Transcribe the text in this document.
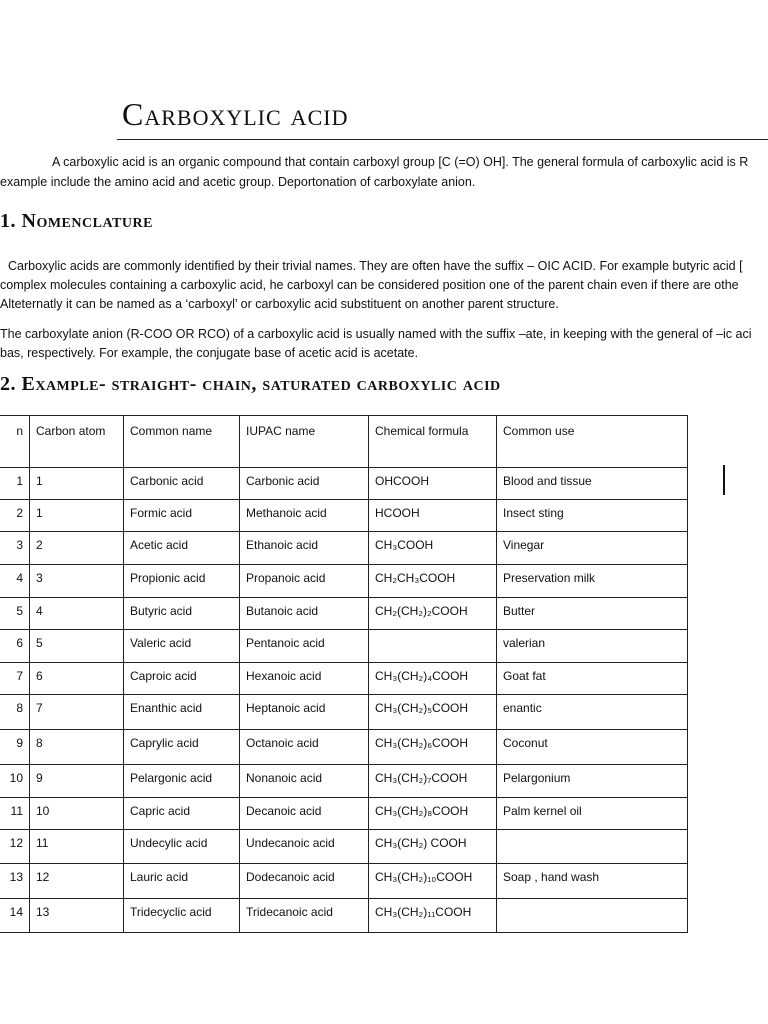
Carboxylic acid
A carboxylic acid is an organic compound that contain carboxyl group [C (=O) OH]. The general formula of carboxylic acid is R
example include the amino acid and acetic group. Deportonation of carboxylate anion.
1. Nomenclature
Carboxylic acids are commonly identified by their trivial names. They are often have the suffix – OIC ACID. For example butyric acid [
complex molecules containing a carboxylic acid, he carboxyl can be considered position one of the parent chain even if there are othe
Alteternatly it can be named as a ‘carboxyl’ or carboxylic acid substituent on another parent structure.
The carboxylate anion (R-COO OR RCO) of a carboxylic acid is usually named with the suffix –ate, in keeping with the general of –ic aci
bas, respectively. For example, the conjugate base of acetic acid is acetate.
2. Example- straight- chain, saturated carboxylic acid
n	Carbon atom	Common name	IUPAC name	Chemical formula	Common use
1	1	Carbonic acid	Carbonic acid	OHCOOH	Blood and tissue
2	1	Formic acid	Methanoic acid	HCOOH	Insect sting
3	2	Acetic acid	Ethanoic acid	CH₃COOH	Vinegar
4	3	Propionic acid	Propanoic acid	CH₂CH₃COOH	Preservation milk
5	4	Butyric acid	Butanoic acid	CH₂(CH₂)₂COOH	Butter
6	5	Valeric acid	Pentanoic acid		valerian
7	6	Caproic acid	Hexanoic acid	CH₃(CH₂)₄COOH	Goat fat
8	7	Enanthic acid	Heptanoic acid	CH₃(CH₂)₅COOH	enantic
9	8	Caprylic acid	Octanoic acid	CH₃(CH₂)₆COOH	Coconut
10	9	Pelargonic acid	Nonanoic acid	CH₃(CH₂)₇COOH	Pelargonium
11	10	Capric acid	Decanoic acid	CH₃(CH₂)₈COOH	Palm kernel oil
12	11	Undecylic acid	Undecanoic acid	CH₃(CH₂) COOH	
13	12	Lauric acid	Dodecanoic acid	CH₃(CH₂)₁₀COOH	Soap , hand wash
14	13	Tridecyclic acid	Tridecanoic acid	CH₃(CH₂)₁₁COOH	
